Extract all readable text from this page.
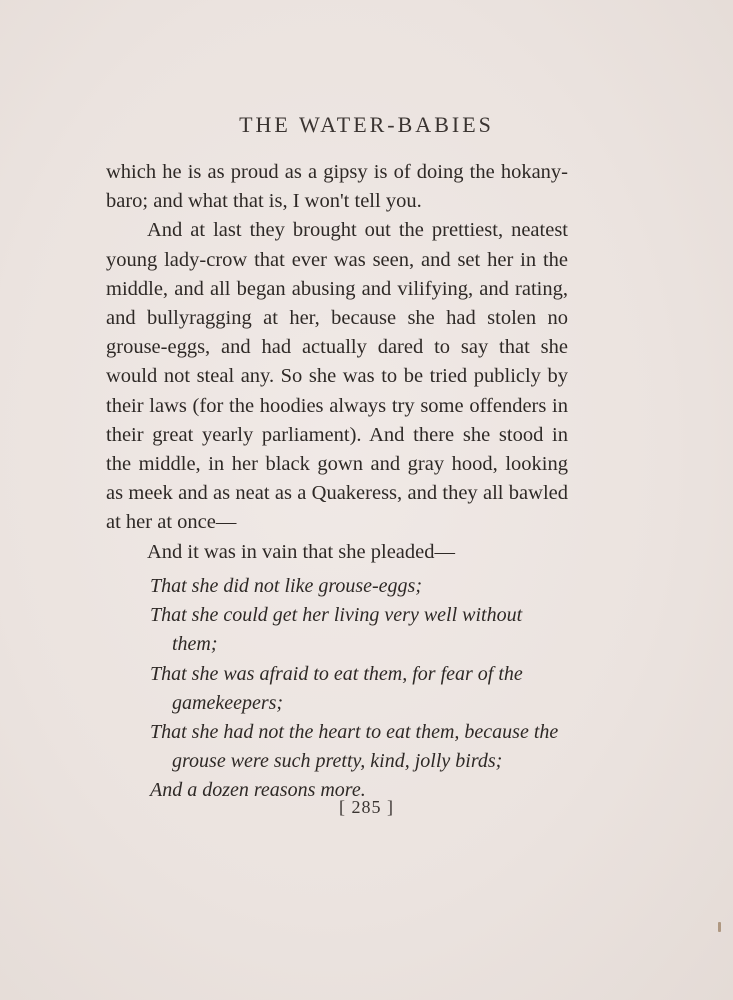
THE WATER-BABIES

which he is as proud as a gipsy is of doing the hokany-baro; and what that is, I won't tell you.

And at last they brought out the prettiest, neatest young lady-crow that ever was seen, and set her in the middle, and all began abusing and vilifying, and rating, and bullyragging at her, because she had stolen no grouse-eggs, and had actually dared to say that she would not steal any. So she was to be tried publicly by their laws (for the hoodies always try some offenders in their great yearly parliament). And there she stood in the middle, in her black gown and gray hood, looking as meek and as neat as a Quakeress, and they all bawled at her at once—

And it was in vain that she pleaded—

That she did not like grouse-eggs;

That she could get her living very well without them;

That she was afraid to eat them, for fear of the gamekeepers;

That she had not the heart to eat them, because the grouse were such pretty, kind, jolly birds;

And a dozen reasons more.

[ 285 ]
